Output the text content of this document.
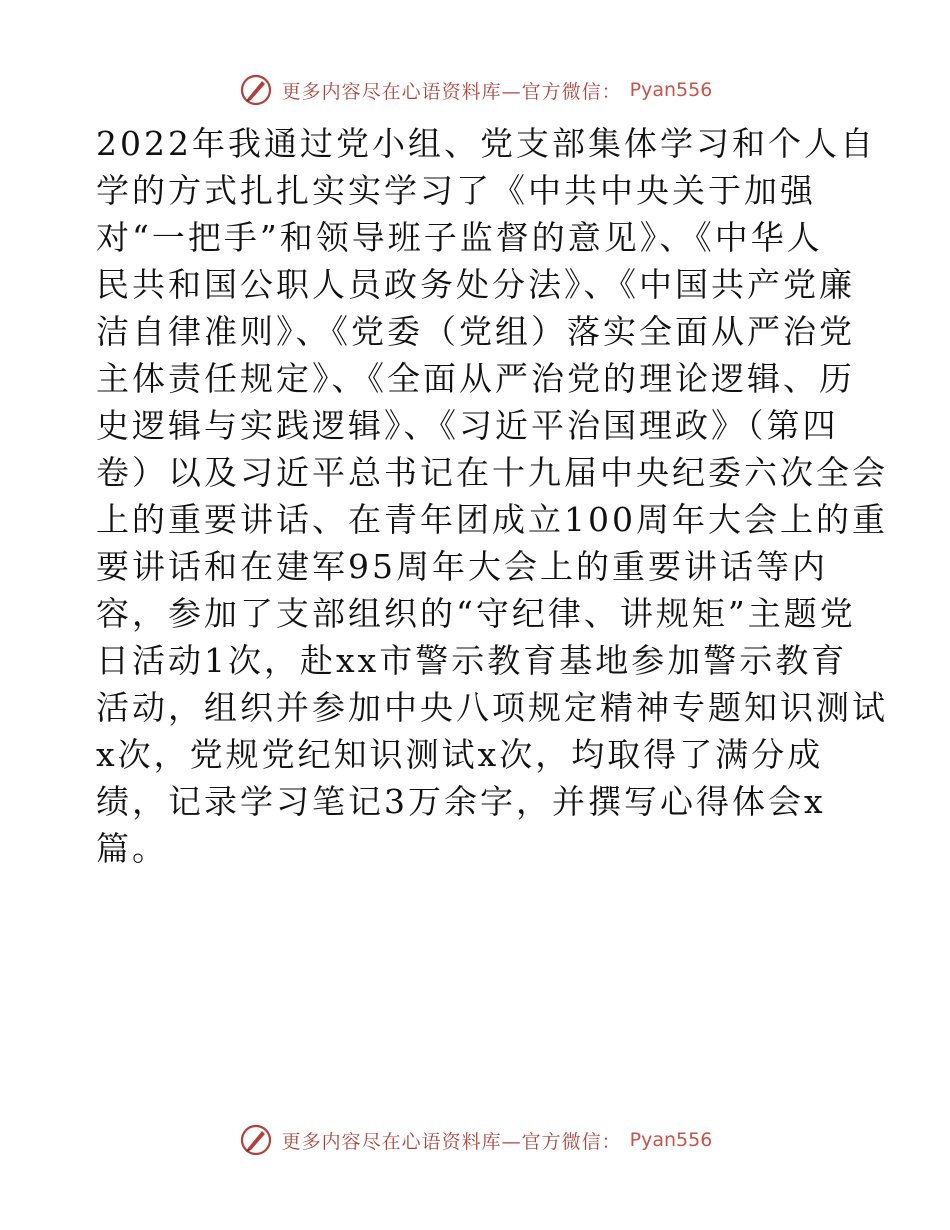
更多内容尽在心语资料库—官方微信： Pyan556
2022年我通过党小组、党支部集体学习和个人自
学的方式扎扎实实学习了《中共中央关于加强
对“一把手”和领导班子监督的意见》、《中华人
民共和国公职人员政务处分法》、《中国共产党廉
洁自律准则》、《党委（党组）落实全面从严治党
主体责任规定》、《全面从严治党的理论逻辑、历
史逻辑与实践逻辑》、《习近平治国理政》（第四
卷）以及习近平总书记在十九届中央纪委六次全会
上的重要讲话、在青年团成立100周年大会上的重
要讲话和在建军95周年大会上的重要讲话等内
容，参加了支部组织的“守纪律、讲规矩”主题党
日活动1次，赴xx市警示教育基地参加警示教育
活动，组织并参加中央八项规定精神专题知识测试
x次，党规党纪知识测试x次，均取得了满分成
绩，记录学习笔记3万余字，并撰写心得体会x
篇。
更多内容尽在心语资料库—官方微信： Pyan556
